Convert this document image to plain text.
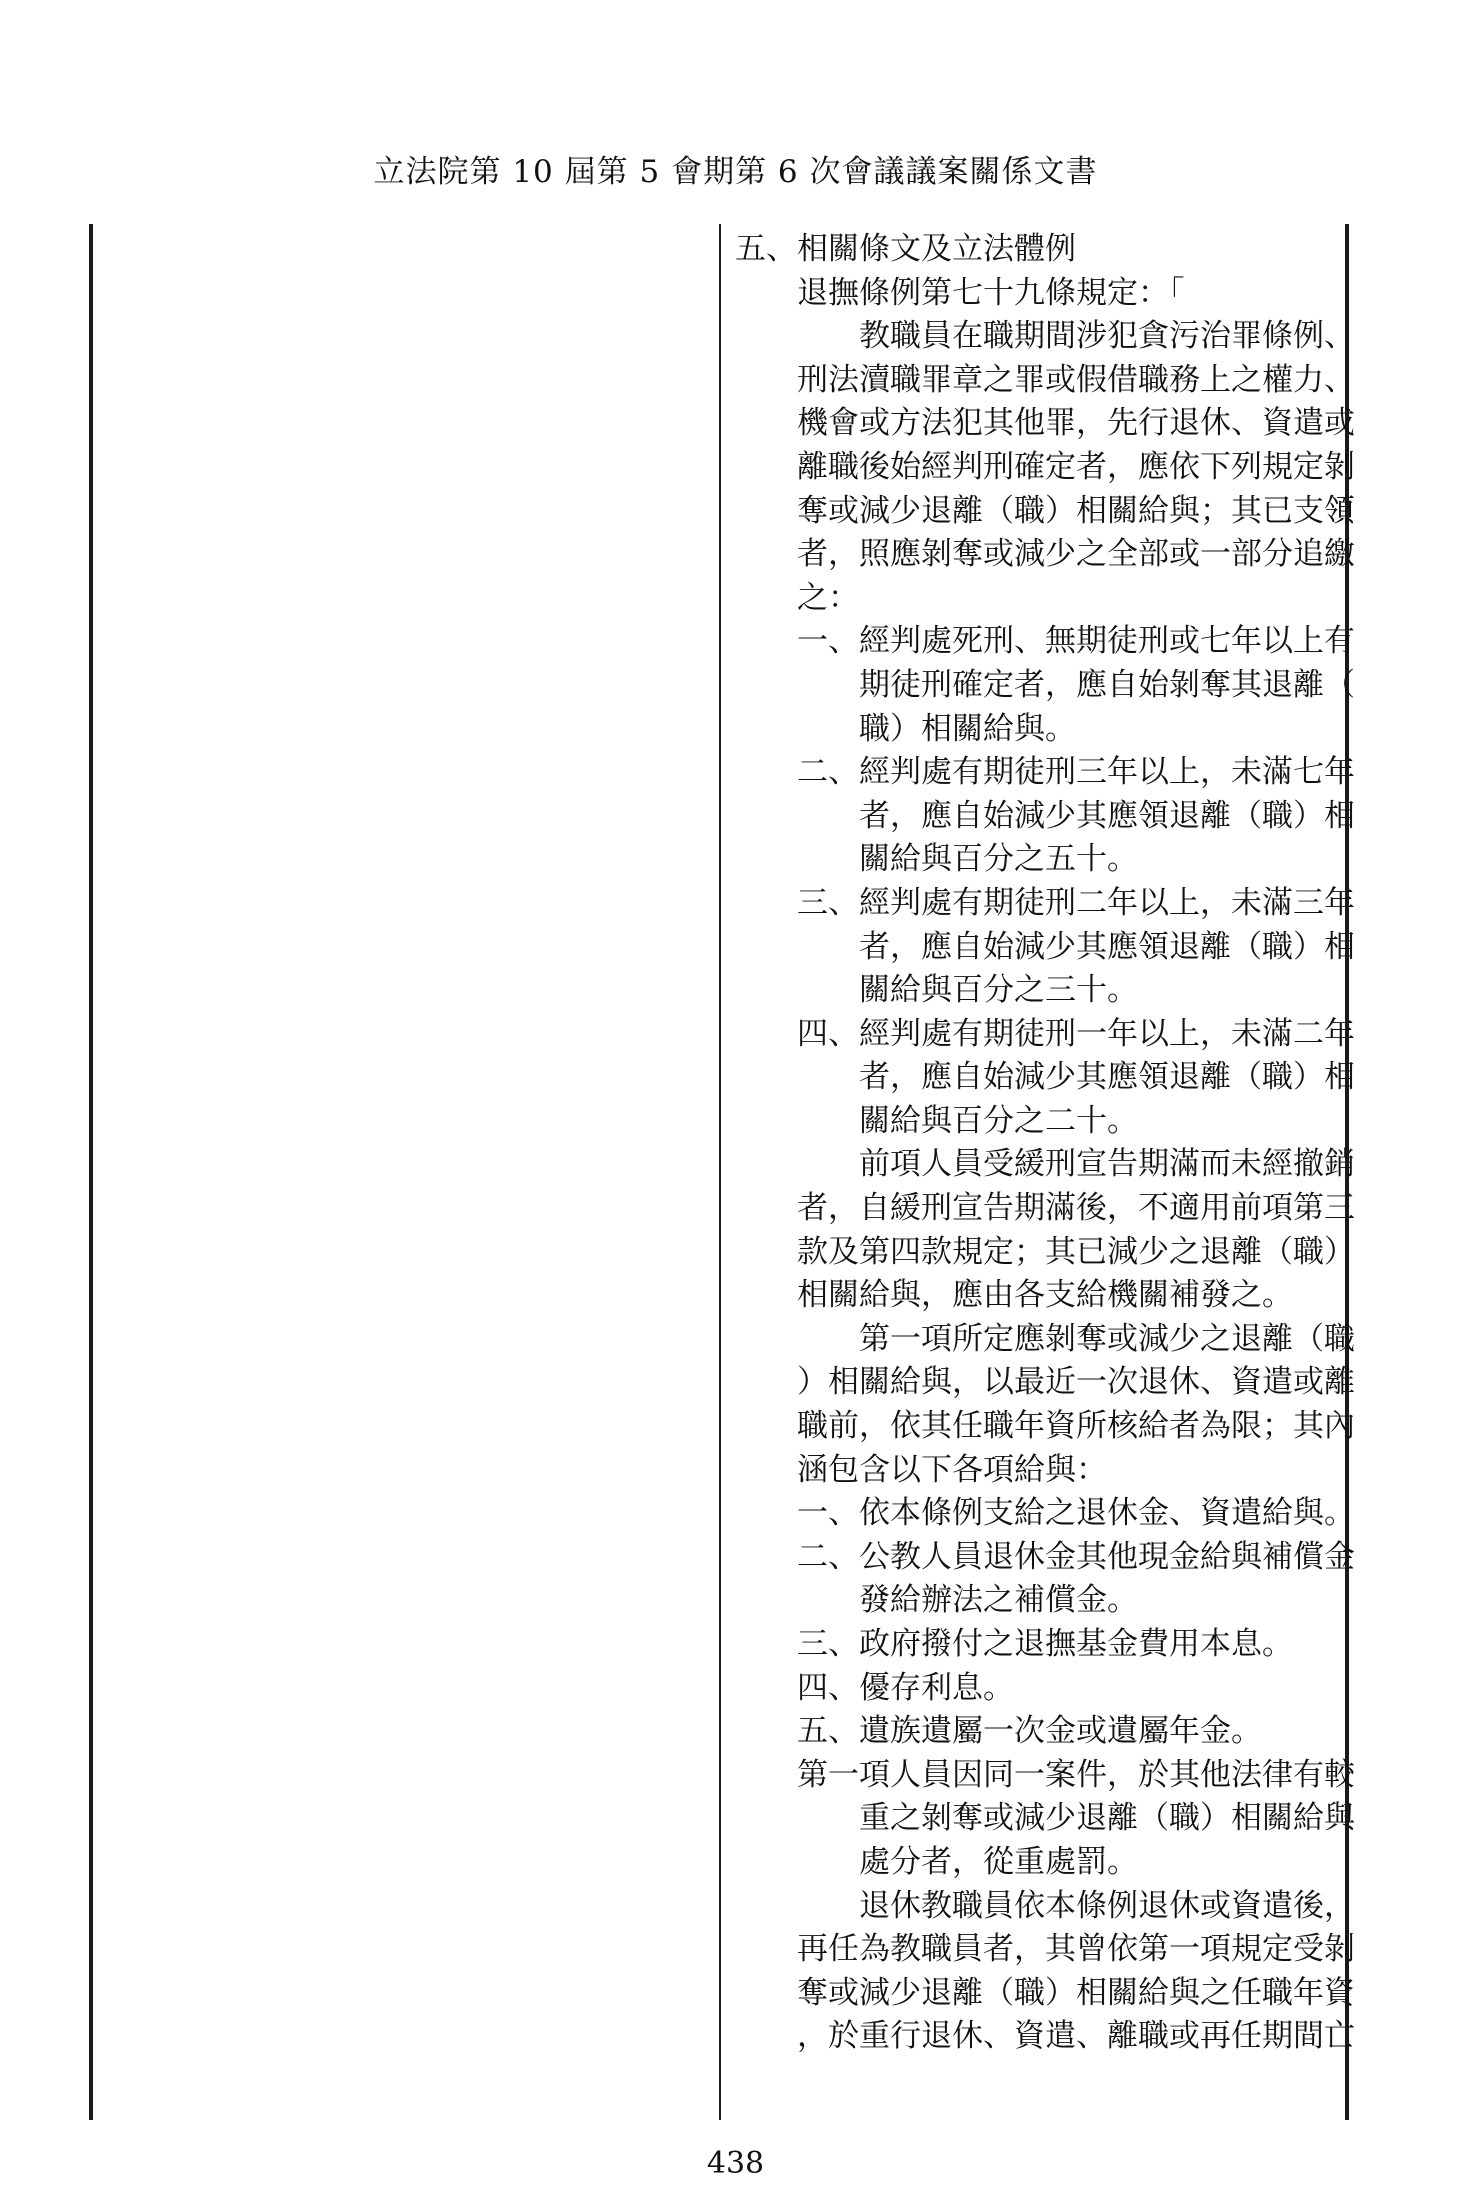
立法院第 10 屆第 5 會期第 6 次會議議案關係文書
五、相關條文及立法體例
退撫條例第七十九條規定：「
　　教職員在職期間涉犯貪污治罪條例、
刑法瀆職罪章之罪或假借職務上之權力、
機會或方法犯其他罪，先行退休、資遣或
離職後始經判刑確定者，應依下列規定剝
奪或減少退離（職）相關給與；其已支領
者，照應剝奪或減少之全部或一部分追繳
之：
一、經判處死刑、無期徒刑或七年以上有
　　期徒刑確定者，應自始剝奪其退離（
　　職）相關給與。
二、經判處有期徒刑三年以上，未滿七年
　　者，應自始減少其應領退離（職）相
　　關給與百分之五十。
三、經判處有期徒刑二年以上，未滿三年
　　者，應自始減少其應領退離（職）相
　　關給與百分之三十。
四、經判處有期徒刑一年以上，未滿二年
　　者，應自始減少其應領退離（職）相
　　關給與百分之二十。
　　前項人員受緩刑宣告期滿而未經撤銷
者，自緩刑宣告期滿後，不適用前項第三
款及第四款規定；其已減少之退離（職）
相關給與，應由各支給機關補發之。
　　第一項所定應剝奪或減少之退離（職
）相關給與，以最近一次退休、資遣或離
職前，依其任職年資所核給者為限；其內
涵包含以下各項給與：
一、依本條例支給之退休金、資遣給與。
二、公教人員退休金其他現金給與補償金
　　發給辦法之補償金。
三、政府撥付之退撫基金費用本息。
四、優存利息。
五、遺族遺屬一次金或遺屬年金。
第一項人員因同一案件，於其他法律有較
　　重之剝奪或減少退離（職）相關給與
　　處分者，從重處罰。
　　退休教職員依本條例退休或資遣後，
再任為教職員者，其曾依第一項規定受剝
奪或減少退離（職）相關給與之任職年資
，於重行退休、資遣、離職或再任期間亡
438
